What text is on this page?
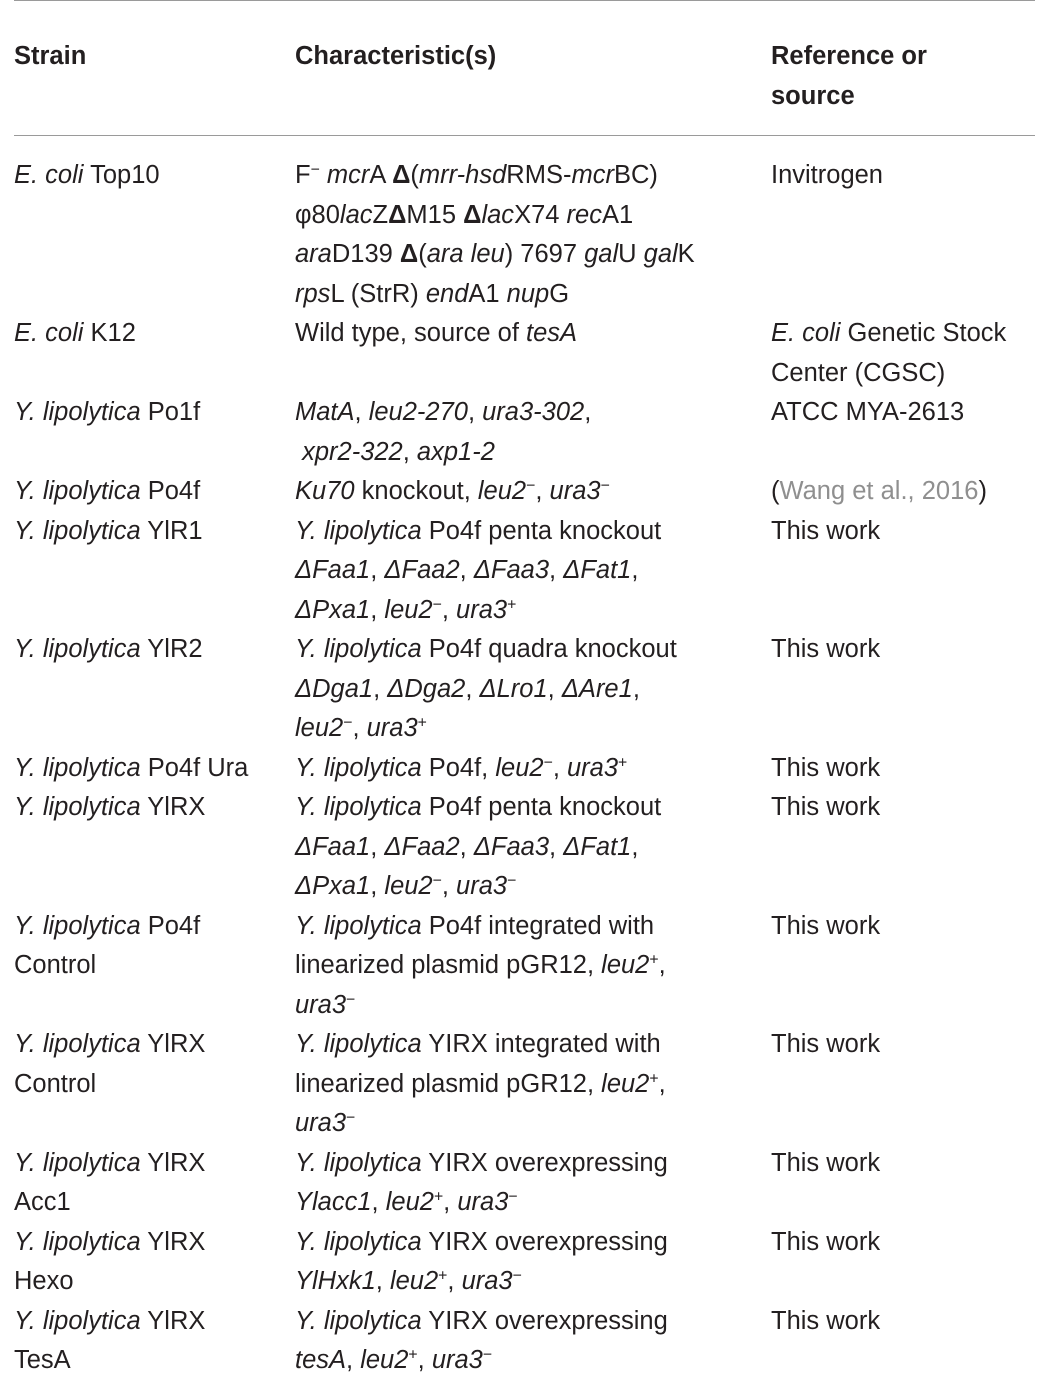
Strain	Characteristic(s)	Reference or
source
E. coli Top10	F− mcrA Δ(mrr-hsdRMS-mcrBC)
φ80lacZΔM15 ΔlacX74 recA1
araD139 Δ(ara leu) 7697 galU galK
rpsL (StrR) endA1 nupG	Invitrogen
E. coli K12	Wild type, source of tesA	E. coli Genetic Stock
Center (CGSC)
Y. lipolytica Po1f	MatA, leu2-270, ura3-302,
xpr2-322, axp1-2	ATCC MYA-2613
Y. lipolytica Po4f	Ku70 knockout, leu2−, ura3−	(Wang et al., 2016)
Y. lipolytica YlR1	Y. lipolytica Po4f penta knockout
ΔFaa1, ΔFaa2, ΔFaa3, ΔFat1,
ΔPxa1, leu2−, ura3+	This work
Y. lipolytica YlR2	Y. lipolytica Po4f quadra knockout
ΔDga1, ΔDga2, ΔLro1, ΔAre1,
leu2−, ura3+	This work
Y. lipolytica Po4f Ura	Y. lipolytica Po4f, leu2−, ura3+	This work
Y. lipolytica YlRX	Y. lipolytica Po4f penta knockout
ΔFaa1, ΔFaa2, ΔFaa3, ΔFat1,
ΔPxa1, leu2−, ura3−	This work
Y. lipolytica Po4f
Control	Y. lipolytica Po4f integrated with
linearized plasmid pGR12, leu2+,
ura3−	This work
Y. lipolytica YlRX
Control	Y. lipolytica YIRX integrated with
linearized plasmid pGR12, leu2+,
ura3−	This work
Y. lipolytica YlRX
Acc1	Y. lipolytica YIRX overexpressing
Ylacc1, leu2+, ura3−	This work
Y. lipolytica YlRX
Hexo	Y. lipolytica YIRX overexpressing
YlHxk1, leu2+, ura3−	This work
Y. lipolytica YlRX
TesA	Y. lipolytica YIRX overexpressing
tesA, leu2+, ura3−	This work
